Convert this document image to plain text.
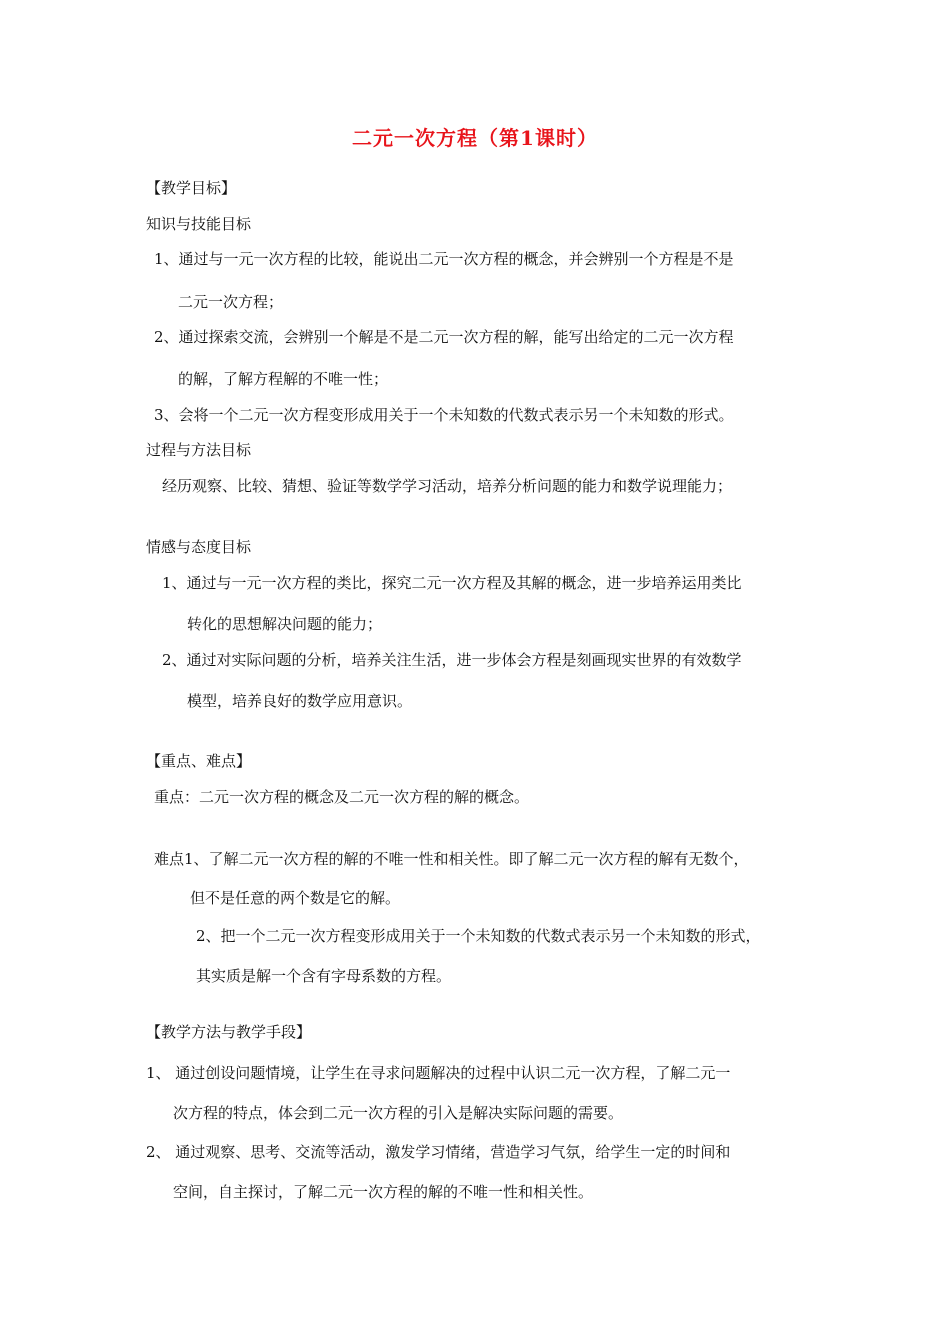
二元一次方程（第1课时）
【教学目标】
知识与技能目标
1、通过与一元一次方程的比较，能说出二元一次方程的概念，并会辨别一个方程是不是
二元一次方程；
2、通过探索交流，会辨别一个解是不是二元一次方程的解，能写出给定的二元一次方程
的解，了解方程解的不唯一性；
3、会将一个二元一次方程变形成用关于一个未知数的代数式表示另一个未知数的形式。
过程与方法目标
经历观察、比较、猜想、验证等数学学习活动，培养分析问题的能力和数学说理能力；
情感与态度目标
1、通过与一元一次方程的类比，探究二元一次方程及其解的概念，进一步培养运用类比
转化的思想解决问题的能力；
2、通过对实际问题的分析，培养关注生活，进一步体会方程是刻画现实世界的有效数学
模型，培养良好的数学应用意识。
【重点、难点】
重点：二元一次方程的概念及二元一次方程的解的概念。
难点1、了解二元一次方程的解的不唯一性和相关性。即了解二元一次方程的解有无数个，
但不是任意的两个数是它的解。
2、把一个二元一次方程变形成用关于一个未知数的代数式表示另一个未知数的形式，
其实质是解一个含有字母系数的方程。
【教学方法与教学手段】
1、 通过创设问题情境，让学生在寻求问题解决的过程中认识二元一次方程，了解二元一
次方程的特点，体会到二元一次方程的引入是解决实际问题的需要。
2、 通过观察、思考、交流等活动，激发学习情绪，营造学习气氛，给学生一定的时间和
空间，自主探讨，了解二元一次方程的解的不唯一性和相关性。
